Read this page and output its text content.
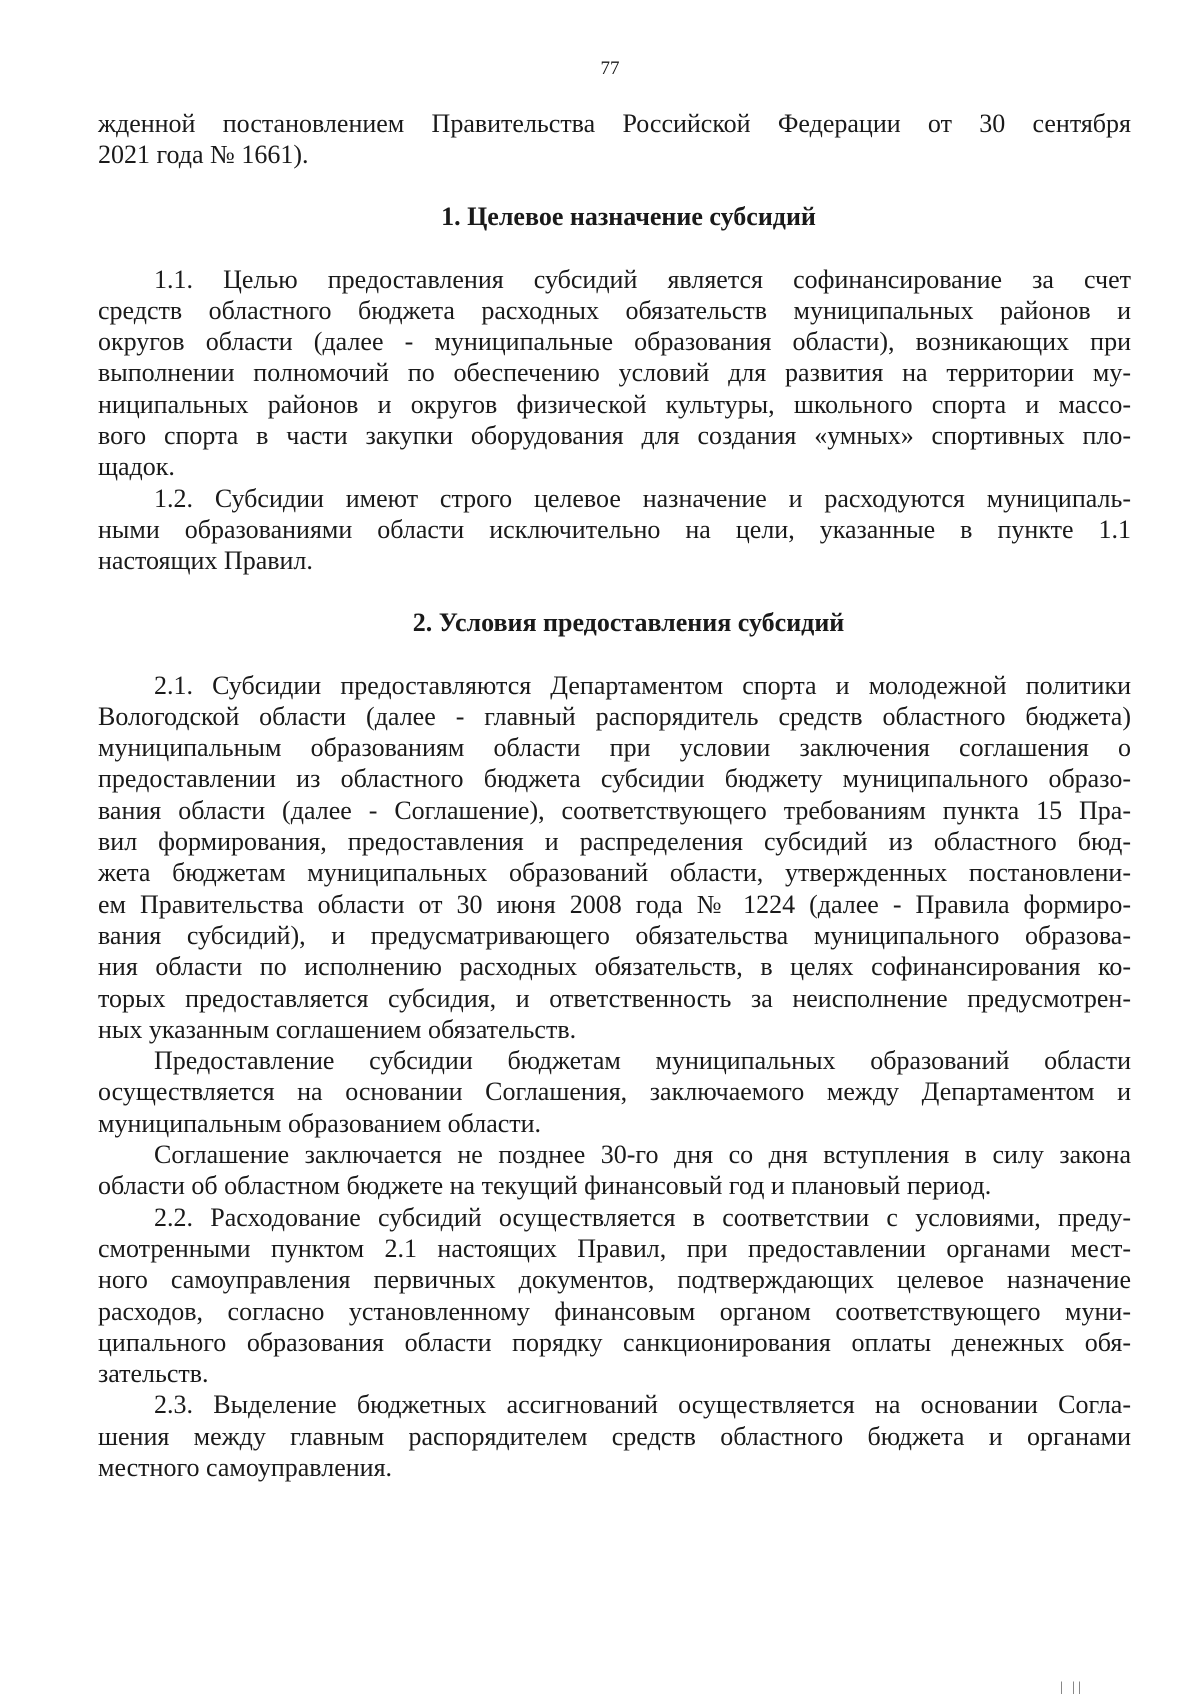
77
жденной постановлением Правительства Российской Федерации от 30 сентября
2021 года № 1661).
1. Целевое назначение субсидий
1.1. Целью предоставления субсидий является софинансирование за счет
средств областного бюджета расходных обязательств муниципальных районов и
округов области (далее - муниципальные образования области), возникающих при
выполнении полномочий по обеспечению условий для развития на территории му-
ниципальных районов и округов физической культуры, школьного спорта и массо-
вого спорта в части закупки оборудования для создания «умных» спортивных пло-
щадок.
1.2. Субсидии имеют строго целевое назначение и расходуются муниципаль-
ными образованиями области исключительно на цели, указанные в пункте 1.1
настоящих Правил.
2. Условия предоставления субсидий
2.1. Субсидии предоставляются Департаментом спорта и молодежной политики
Вологодской области (далее - главный распорядитель средств областного бюджета)
муниципальным образованиям области при условии заключения соглашения о
предоставлении из областного бюджета субсидии бюджету муниципального образо-
вания области (далее - Соглашение), соответствующего требованиям пункта 15 Пра-
вил формирования, предоставления и распределения субсидий из областного бюд-
жета бюджетам муниципальных образований области, утвержденных постановлени-
ем Правительства области от 30 июня 2008 года № 1224 (далее - Правила формиро-
вания субсидий), и предусматривающего обязательства муниципального образова-
ния области по исполнению расходных обязательств, в целях софинансирования ко-
торых предоставляется субсидия, и ответственность за неисполнение предусмотрен-
ных указанным соглашением обязательств.
Предоставление субсидии бюджетам муниципальных образований области
осуществляется на основании Соглашения, заключаемого между Департаментом и
муниципальным образованием области.
Соглашение заключается не позднее 30-го дня со дня вступления в силу закона
области об областном бюджете на текущий финансовый год и плановый период.
2.2. Расходование субсидий осуществляется в соответствии с условиями, преду-
смотренными пунктом 2.1 настоящих Правил, при предоставлении органами мест-
ного самоуправления первичных документов, подтверждающих целевое назначение
расходов, согласно установленному финансовым органом соответствующего муни-
ципального образования области порядку санкционирования оплаты денежных обя-
зательств.
2.3. Выделение бюджетных ассигнований осуществляется на основании Согла-
шения между главным распорядителем средств областного бюджета и органами
местного самоуправления.
| ||
